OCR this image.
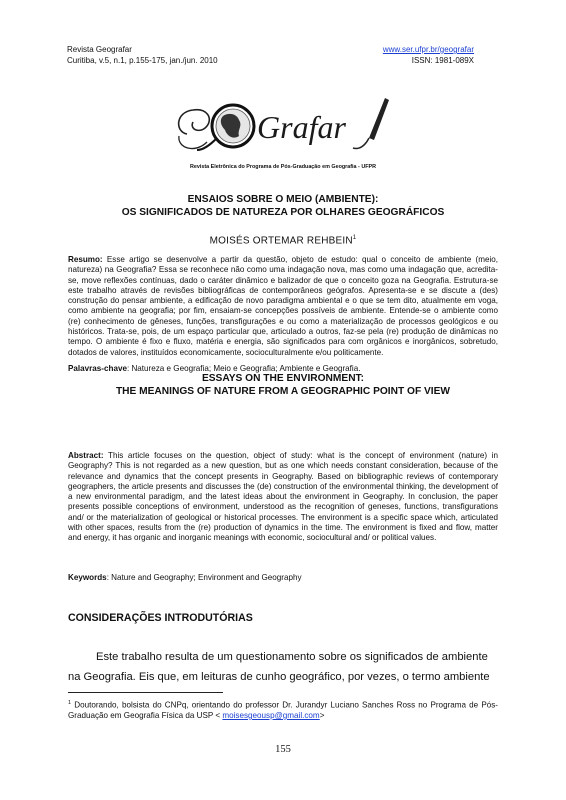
Revista Geografar
Curitiba, v.5, n.1, p.155-175, jan./jun. 2010
www.ser.ufpr.br/geografar
ISSN: 1981-089X
Grafar
Revista Eletrônica do Programa de Pós-Graduação em Geografia - UFPR
ENSAIOS SOBRE O MEIO (AMBIENTE):
OS SIGNIFICADOS DE NATUREZA POR OLHARES GEOGRÁFICOS
MOISÉS ORTEMAR REHBEIN$^1$
Resumo: Esse artigo se desenvolve a partir da questão, objeto de estudo: qual o conceito de ambiente (meio, natureza) na Geografia? Essa se reconhece não como uma indagação nova, mas como uma indagação que, acredita-se, move reflexões contínuas, dado o caráter dinâmico e balizador de que o conceito goza na Geografia. Estrutura-se este trabalho através de revisões bibliográficas de contemporâneos geógrafos. Apresenta-se e se discute a (des) construção do pensar ambiente, a edificação de novo paradigma ambiental e o que se tem dito, atualmente em voga, como ambiente na geografia; por fim, ensaiam-se concepções possíveis de ambiente. Entende-se o ambiente como (re) conhecimento de gêneses, funções, transfigurações e ou como a materialização de processos geológicos e ou históricos. Trata-se, pois, de um espaço particular que, articulado a outros, faz-se pela (re) produção de dinâmicas no tempo. O ambiente é fixo e fluxo, matéria e energia, são significados para com orgânicos e inorgânicos, sobretudo, dotados de valores, instituídos economicamente, socioculturalmente e/ou politicamente.
Palavras-chave: Natureza e Geografia; Meio e Geografia; Ambiente e Geografia.
ESSAYS ON THE ENVIRONMENT:
THE MEANINGS OF NATURE FROM A GEOGRAPHIC POINT OF VIEW
Abstract: This article focuses on the question, object of study: what is the concept of environment (nature) in Geography? This is not regarded as a new question, but as one which needs constant consideration, because of the relevance and dynamics that the concept presents in Geography. Based on bibliographic reviews of contemporary geographers, the article presents and discusses the (de) construction of the environmental thinking, the development of a new environmental paradigm, and the latest ideas about the environment in Geography. In conclusion, the paper presents possible conceptions of environment, understood as the recognition of geneses, functions, transfigurations and/ or the materialization of geological or historical processes. The environment is a specific space which, articulated with other spaces, results from the (re) production of dynamics in the time. The environment is fixed and flow, matter and energy, it has organic and inorganic meanings with economic, sociocultural and/ or political values.
Keywords: Nature and Geography; Environment and Geography
CONSIDERAÇÕES INTRODUTÓRIAS
Este trabalho resulta de um questionamento sobre os significados de ambiente na Geografia. Eis que, em leituras de cunho geográfico, por vezes, o termo ambiente
$^1$ Doutorando, bolsista do CNPq, orientando do professor Dr. Jurandyr Luciano Sanches Ross no Programa de Pós-Graduação em Geografia Física da USP < moisesgeousp@gmail.com>
155
